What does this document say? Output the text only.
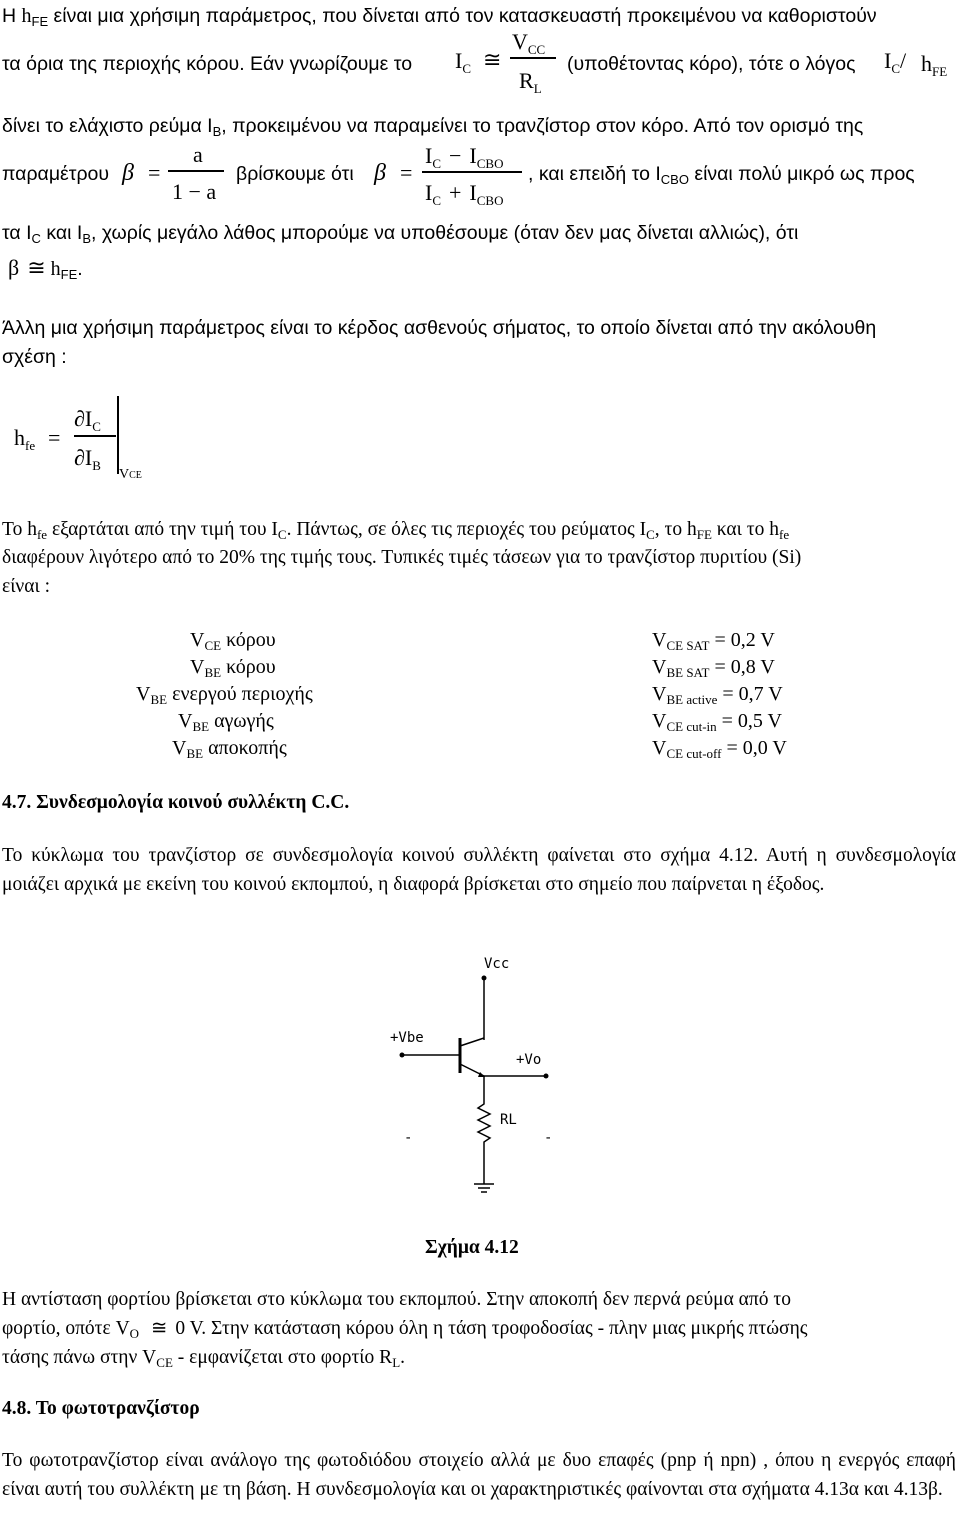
Η $h_{FE}$ είναι μια χρήσιμη παράμετρος, που δίνεται από τον κατασκευαστή προκειμένου να καθοριστούν
τα όρια της περιοχής κόρου. Εάν γνωρίζουμε το $I_C$ ≅
$V_{CC}$
$R_L$
(υποθέτοντας κόρο), τότε ο λόγος $I_C/$ $h_{FE}$
δίνει το ελάχιστο ρεύμα $I_B$, προκειμένου να παραμείνει το τρανζίστορ στον κόρο. Από τον ορισμό της
παραμέτρου β =
a
1 − a
βρίσκουμε ότι β =
$I_C - I_{CBO}$
$I_C + I_{CBO}$
, και επειδή το $I_{CBO}$ είναι πολύ μικρό ως προς
τα $I_C$ και $I_B$, χωρίς μεγάλο λάθος μπορούμε να υποθέσουμε (όταν δεν μας δίνεται αλλιώς), ότι
β ≅ $h_{FE}$.
Άλλη μια χρήσιμη παράμετρος είναι το κέρδος ασθενούς σήματος, το οποίο δίνεται από την ακόλουθη
σχέση :
$h_{fe}$ =
$\partial I_C$
$\partial I_B$
VCE
Το $h_{fe}$ εξαρτάται από την τιμή του $I_C$. Πάντως, σε όλες τις περιοχές του ρεύματος $I_C$, το $h_{FE}$ και το $h_{fe}$
διαφέρουν λιγότερο από το 20% της τιμής τους. Τυπικές τιμές τάσεων για το τρανζίστορ πυριτίου (Si)
είναι :
$V_{CE}$ κόρου	$V_{CE SAT} = 0,2$ V
$V_{BE}$ κόρου	$V_{BE SAT} = 0,8$ V
$V_{BE}$ ενεργού περιοχής	$V_{BE active} = 0,7$ V
$V_{BE}$ αγωγής	$V_{CE cut-in} = 0,5$ V
$V_{BE}$ αποκοπής	$V_{CE cut-off} = 0,0$ V
4.7. Συνδεσμολογία κοινού συλλέκτη C.C.
Το κύκλωμα του τρανζίστορ σε συνδεσμολογία κοινού συλλέκτη φαίνεται στο σχήμα 4.12. Αυτή η συνδεσμολογία μοιάζει αρχικά με εκείνη του κοινού εκπομπού, η διαφορά βρίσκεται στο σημείο που παίρνεται η έξοδος.
Vcc
+Vbe
+Vo
RL
-	-
Σχήμα 4.12
Η αντίσταση φορτίου βρίσκεται στο κύκλωμα του εκπομπού. Στην αποκοπή δεν περνά ρεύμα από το
φορτίο, οπότε $V_O$ ≅ 0 V. Στην κατάσταση κόρου όλη η τάση τροφοδοσίας - πλην μιας μικρής πτώσης
τάσης πάνω στην $V_{CE}$ - εμφανίζεται στο φορτίο $R_L$.
4.8. Το φωτοτρανζίστορ
Το φωτοτρανζίστορ είναι ανάλογο της φωτοδιόδου στοιχείο αλλά με δυο επαφές (pnp ή npn) , όπου η ενεργός επαφή είναι αυτή του συλλέκτη με τη βάση. Η συνδεσμολογία και οι χαρακτηριστικές φαίνονται στα σχήματα 4.13α και 4.13β.
